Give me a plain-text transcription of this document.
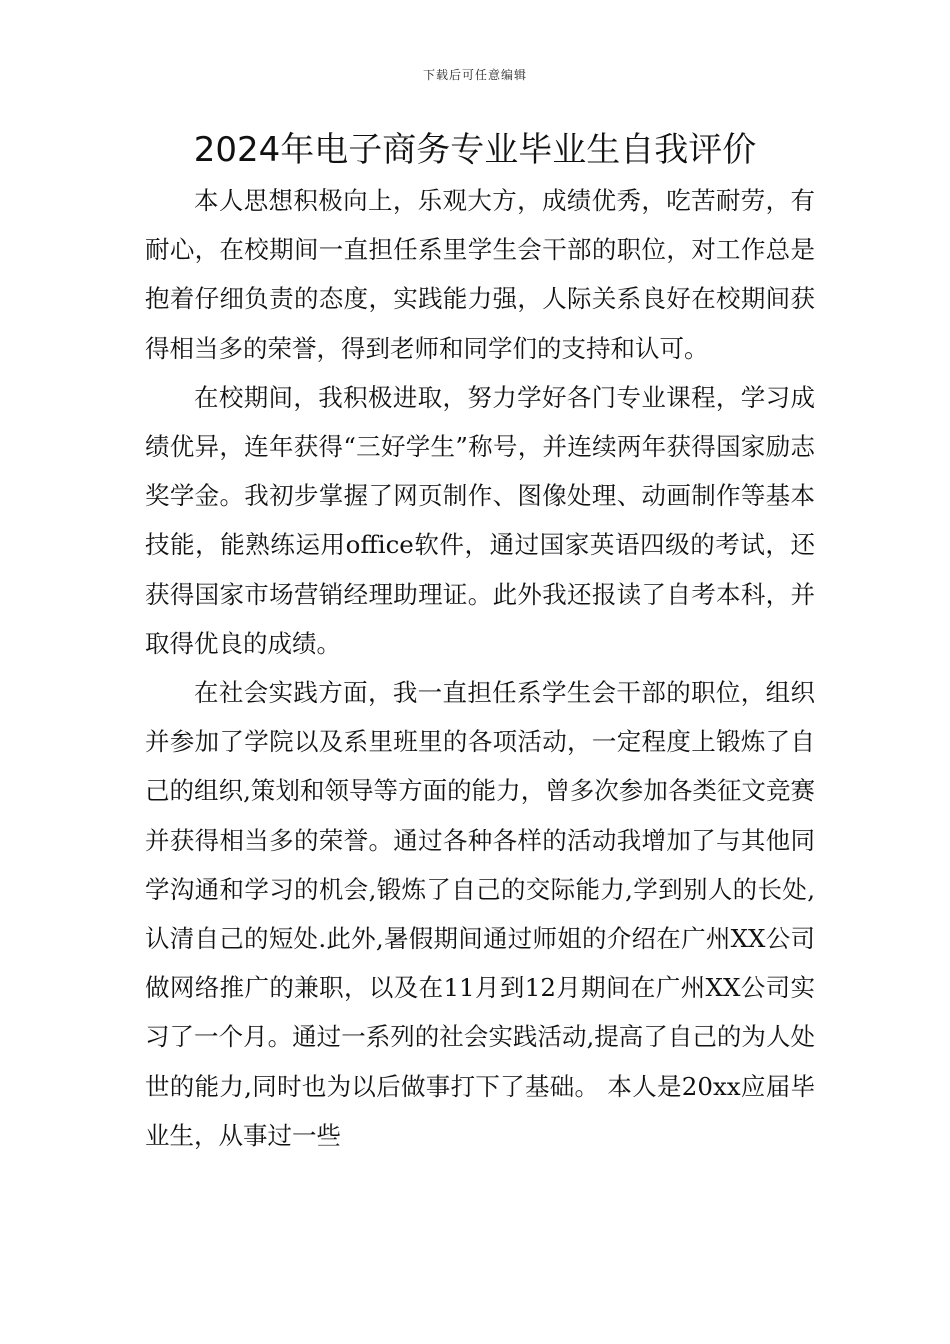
下载后可任意编辑
2024年电子商务专业毕业生自我评价

本人思想积极向上，乐观大方，成绩优秀，吃苦耐劳，有耐心，在校期间一直担任系里学生会干部的职位，对工作总是抱着仔细负责的态度，实践能力强，人际关系良好在校期间获得相当多的荣誉，得到老师和同学们的支持和认可。

在校期间，我积极进取，努力学好各门专业课程，学习成绩优异，连年获得“三好学生”称号，并连续两年获得国家励志奖学金。我初步掌握了网页制作、图像处理、动画制作等基本技能，能熟练运用office软件，通过国家英语四级的考试，还获得国家市场营销经理助理证。此外我还报读了自考本科，并取得优良的成绩。

在社会实践方面，我一直担任系学生会干部的职位，组织并参加了学院以及系里班里的各项活动，一定程度上锻炼了自己的组织,策划和领导等方面的能力，曾多次参加各类征文竞赛并获得相当多的荣誉。通过各种各样的活动我增加了与其他同学沟通和学习的机会,锻炼了自己的交际能力,学到别人的长处,认清自己的短处.此外,暑假期间通过师姐的介绍在广州XX公司做网络推广的兼职，以及在11月到12月期间在广州XX公司实习了一个月。通过一系列的社会实践活动,提高了自己的为人处世的能力,同时也为以后做事打下了基础。 本人是20xx应届毕业生，从事过一些
